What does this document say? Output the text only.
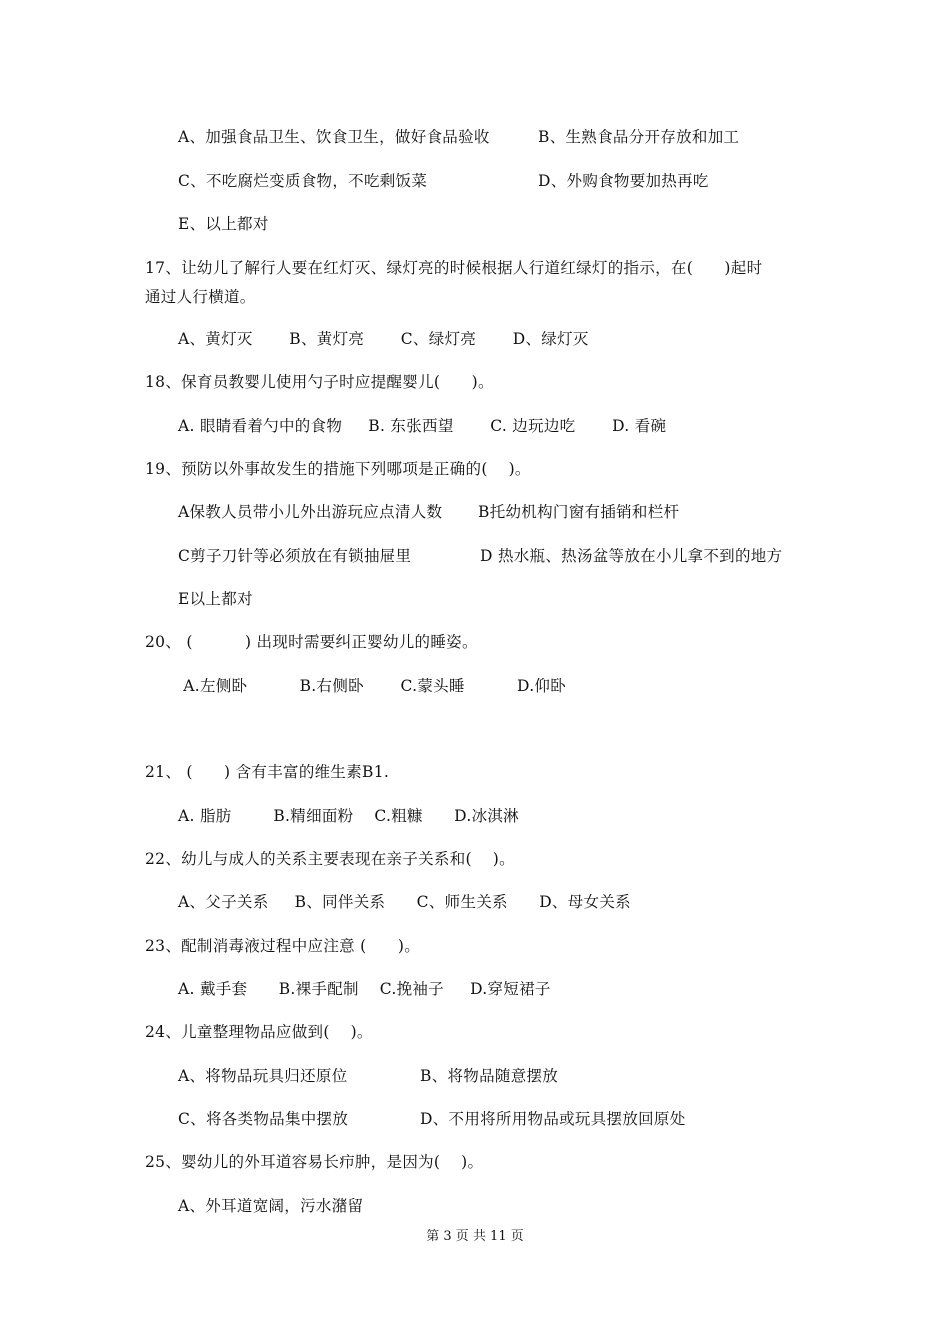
A、加强食品卫生、饮食卫生，做好食品验收	B、生熟食品分开存放和加工
C、不吃腐烂变质食物，不吃剩饭菜	D、外购食物要加热再吃
E、以上都对
17、让幼儿了解行人要在红灯灭、绿灯亮的时候根据人行道红绿灯的指示，在(      )起时
通过人行横道。
A、黄灯灭       B、黄灯亮       C、绿灯亮       D、绿灯灭
18、保育员教婴儿使用勺子时应提醒婴儿(      )。
A. 眼睛看着勺中的食物     B. 东张西望       C. 边玩边吃       D. 看碗
19、预防以外事故发生的措施下列哪项是正确的(    )。
A保教人员带小儿外出游玩应点清人数 B托幼机构门窗有插销和栏杆
C剪子刀针等必须放在有锁抽屉里	D 热水瓶、热汤盆等放在小儿拿不到的地方
E以上都对
20、 (          ) 出现时需要纠正婴幼儿的睡姿。
A.左侧卧          B.右侧卧       C.蒙头睡          D.仰卧
21、 (      ) 含有丰富的维生素B1.
A. 脂肪        B.精细面粉    C.粗糠      D.冰淇淋
22、幼儿与成人的关系主要表现在亲子关系和(    )。
A、父子关系     B、同伴关系      C、师生关系      D、母女关系
23、配制消毒液过程中应注意 (      )。
A. 戴手套      B.裸手配制    C.挽袖子     D.穿短裙子
24、儿童整理物品应做到(    )。
A、将物品玩具归还原位	B、将物品随意摆放
C、将各类物品集中摆放	D、不用将所用物品或玩具摆放回原处
25、婴幼儿的外耳道容易长疖肿，是因为(    )。
A、外耳道宽阔，污水潴留
第 3 页 共 11 页
